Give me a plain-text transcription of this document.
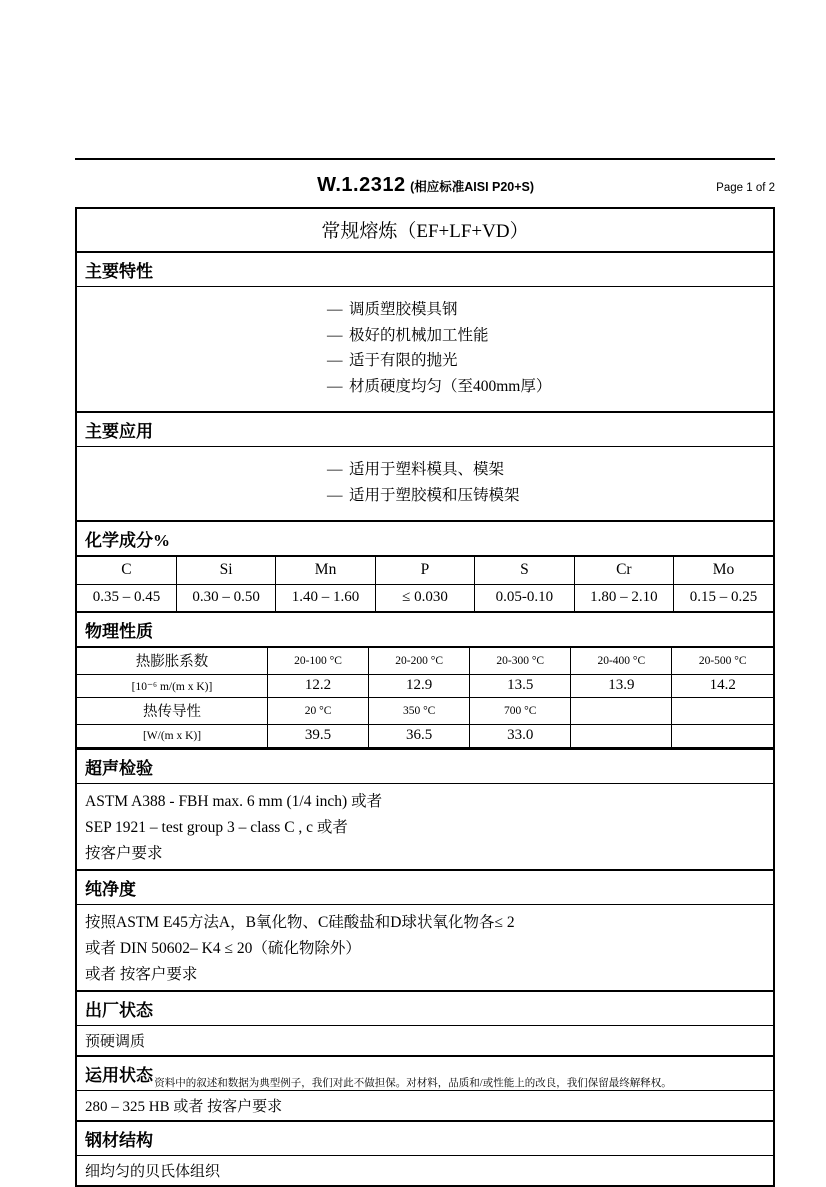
W.1.2312 (相应标准AISI P20+S)	Page 1 of 2
常规熔炼（EF+LF+VD）
主要特性
— 调质塑胶模具钢
— 极好的机械加工性能
— 适于有限的抛光
— 材质硬度均匀（至400mm厚）
主要应用
— 适用于塑料模具、模架
— 适用于塑胶模和压铸模架
化学成分%
C	Si	Mn	P	S	Cr	Mo
0.35 – 0.45	0.30 – 0.50	1.40 – 1.60	≤ 0.030	0.05-0.10	1.80 – 2.10	0.15 – 0.25
物理性质
热膨胀系数	20-100 °C	20-200 °C	20-300 °C	20-400 °C	20-500 °C
[10⁻⁶ m/(m x K)]	12.2	12.9	13.5	13.9	14.2
热传导性	20 °C	350 °C	700 °C		
[W/(m x K)]	39.5	36.5	33.0		
超声检验
ASTM A388 - FBH max. 6 mm (1/4 inch) 或者
SEP 1921 – test group 3 – class C , c 或者
按客户要求
纯净度
按照ASTM E45方法A，B氧化物、C硅酸盐和D球状氧化物各≤ 2
或者 DIN 50602– K4 ≤ 20（硫化物除外）
或者 按客户要求
出厂状态
预硬调质
运用状态
280 – 325 HB 或者 按客户要求
钢材结构
细均匀的贝氏体组织
资料中的叙述和数据为典型例子，我们对此不做担保。对材料，品质和/或性能上的改良，我们保留最终解释权。
